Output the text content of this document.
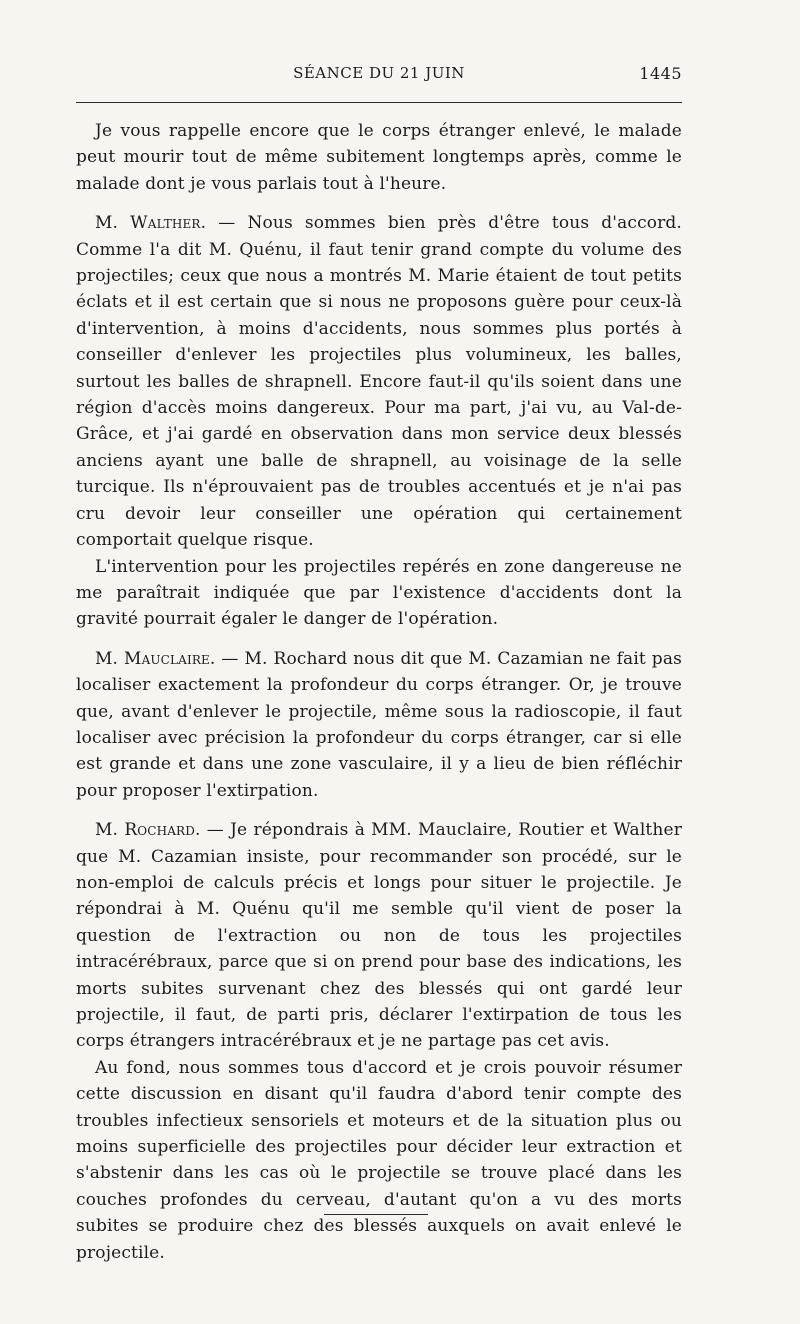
SÉANCE DU 21 JUIN	1445

Je vous rappelle encore que le corps étranger enlevé, le malade peut mourir tout de même subitement longtemps après, comme le malade dont je vous parlais tout à l'heure.

M. Walther. — Nous sommes bien près d'être tous d'accord. Comme l'a dit M. Quénu, il faut tenir grand compte du volume des projectiles; ceux que nous a montrés M. Marie étaient de tout petits éclats et il est certain que si nous ne proposons guère pour ceux-là d'intervention, à moins d'accidents, nous sommes plus portés à conseiller d'enlever les projectiles plus volumineux, les balles, surtout les balles de shrapnell. Encore faut-il qu'ils soient dans une région d'accès moins dangereux. Pour ma part, j'ai vu, au Val-de-Grâce, et j'ai gardé en observation dans mon service deux blessés anciens ayant une balle de shrapnell, au voisinage de la selle turcique. Ils n'éprouvaient pas de troubles accentués et je n'ai pas cru devoir leur conseiller une opération qui certainement comportait quelque risque.

L'intervention pour les projectiles repérés en zone dangereuse ne me paraîtrait indiquée que par l'existence d'accidents dont la gravité pourrait égaler le danger de l'opération.

M. Mauclaire. — M. Rochard nous dit que M. Cazamian ne fait pas localiser exactement la profondeur du corps étranger. Or, je trouve que, avant d'enlever le projectile, même sous la radioscopie, il faut localiser avec précision la profondeur du corps étranger, car si elle est grande et dans une zone vasculaire, il y a lieu de bien réfléchir pour proposer l'extirpation.

M. Rochard. — Je répondrais à MM. Mauclaire, Routier et Walther que M. Cazamian insiste, pour recommander son procédé, sur le non-emploi de calculs précis et longs pour situer le projectile. Je répondrai à M. Quénu qu'il me semble qu'il vient de poser la question de l'extraction ou non de tous les projectiles intracérébraux, parce que si on prend pour base des indications, les morts subites survenant chez des blessés qui ont gardé leur projectile, il faut, de parti pris, déclarer l'extirpation de tous les corps étrangers intracérébraux et je ne partage pas cet avis.

Au fond, nous sommes tous d'accord et je crois pouvoir résumer cette discussion en disant qu'il faudra d'abord tenir compte des troubles infectieux sensoriels et moteurs et de la situation plus ou moins superficielle des projectiles pour décider leur extraction et s'abstenir dans les cas où le projectile se trouve placé dans les couches profondes du cerveau, d'autant qu'on a vu des morts subites se produire chez des blessés auxquels on avait enlevé le projectile.
